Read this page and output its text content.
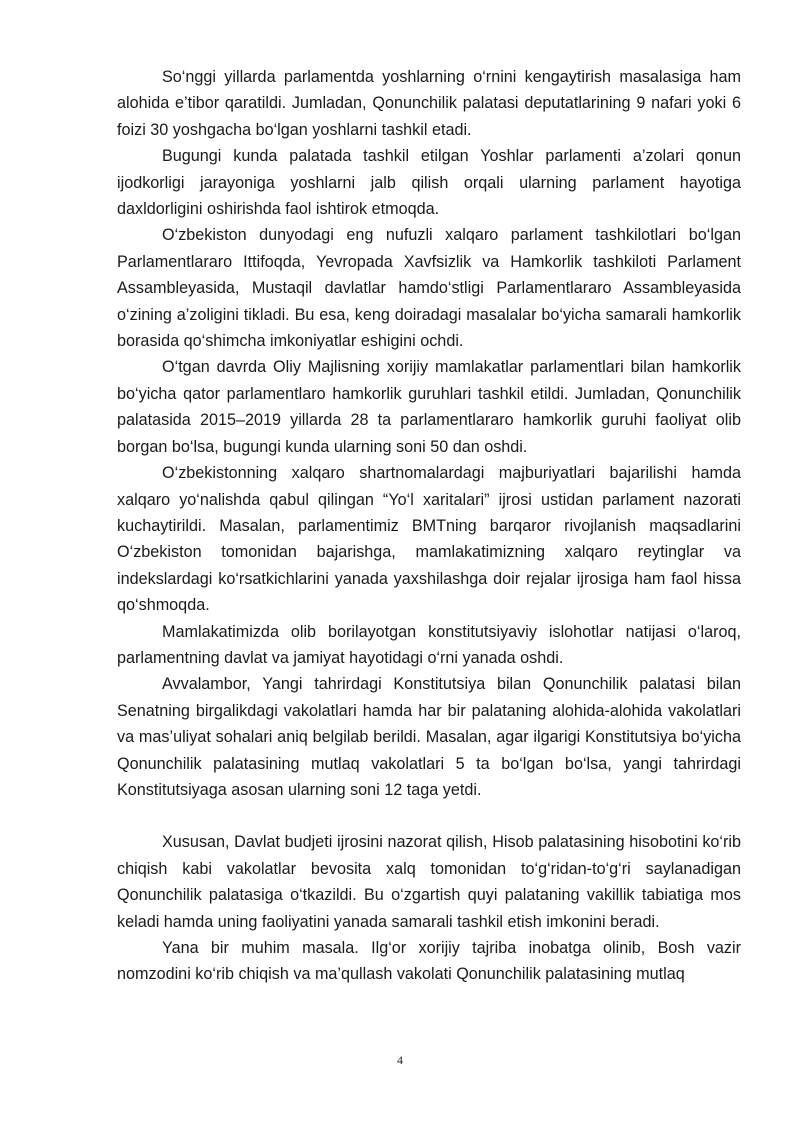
So‘nggi yillarda parlamentda yoshlarning o‘rnini kengaytirish masalasiga ham alohida e’tibor qaratildi. Jumladan, Qonunchilik palatasi deputatlarining 9 nafari yoki 6 foizi 30 yoshgacha bo‘lgan yoshlarni tashkil etadi.

Bugungi kunda palatada tashkil etilgan Yoshlar parlamenti a’zolari qonun ijodkorligi jarayoniga yoshlarni jalb qilish orqali ularning parlament hayotiga daxldorligini oshirishda faol ishtirok etmoqda.

O‘zbekiston dunyodagi eng nufuzli xalqaro parlament tashkilotlari bo‘lgan Parlamentlararo Ittifoqda, Yevropada Xavfsizlik va Hamkorlik tashkiloti Parlament Assambleyasida, Mustaqil davlatlar hamdo‘stligi Parlamentlararo Assambleyasida o‘zining a’zoligini tikladi. Bu esa, keng doiradagi masalalar bo‘yicha samarali hamkorlik borasida qo‘shimcha imkoniyatlar eshigini ochdi.

O‘tgan davrda Oliy Majlisning xorijiy mamlakatlar parlamentlari bilan hamkorlik bo‘yicha qator parlamentlaro hamkorlik guruhlari tashkil etildi. Jumladan, Qonunchilik palatasida 2015–2019 yillarda 28 ta parlamentlararo hamkorlik guruhi faoliyat olib borgan bo‘lsa, bugungi kunda ularning soni 50 dan oshdi.

O‘zbekistonning xalqaro shartnomalardagi majburiyatlari bajarilishi hamda xalqaro yo‘nalishda qabul qilingan “Yo‘l xaritalari” ijrosi ustidan parlament nazorati kuchaytirildi. Masalan, parlamentimiz BMTning barqaror rivojlanish maqsadlarini O‘zbekiston tomonidan bajarishga, mamlakatimizning xalqaro reytinglar va indekslardagi ko‘rsatkichlarini yanada yaxshilashga doir rejalar ijrosiga ham faol hissa qo‘shmoqda.

Mamlakatimizda olib borilayotgan konstitutsiyaviy islohotlar natijasi o‘laroq, parlamentning davlat va jamiyat hayotidagi o‘rni yanada oshdi.

Avvalambor, Yangi tahrirdagi Konstitutsiya bilan Qonunchilik palatasi bilan Senatning birgalikdagi vakolatlari hamda har bir palataning alohida-alohida vakolatlari va mas’uliyat sohalari aniq belgilab berildi. Masalan, agar ilgarigi Konstitutsiya bo‘yicha Qonunchilik palatasining mutlaq vakolatlari 5 ta bo‘lgan bo‘lsa, yangi tahrirdagi Konstitutsiyaga asosan ularning soni 12 taga yetdi.

Xususan, Davlat budjeti ijrosini nazorat qilish, Hisob palatasining hisobotini ko‘rib chiqish kabi vakolatlar bevosita xalq tomonidan to‘g‘ridan-to‘g‘ri saylanadigan Qonunchilik palatasiga o‘tkazildi. Bu o‘zgartish quyi palataning vakillik tabiatiga mos keladi hamda uning faoliyatini yanada samarali tashkil etish imkonini beradi.

Yana bir muhim masala. Ilg‘or xorijiy tajriba inobatga olinib, Bosh vazir nomzodini ko‘rib chiqish va ma’qullash vakolati Qonunchilik palatasining mutlaq

4
